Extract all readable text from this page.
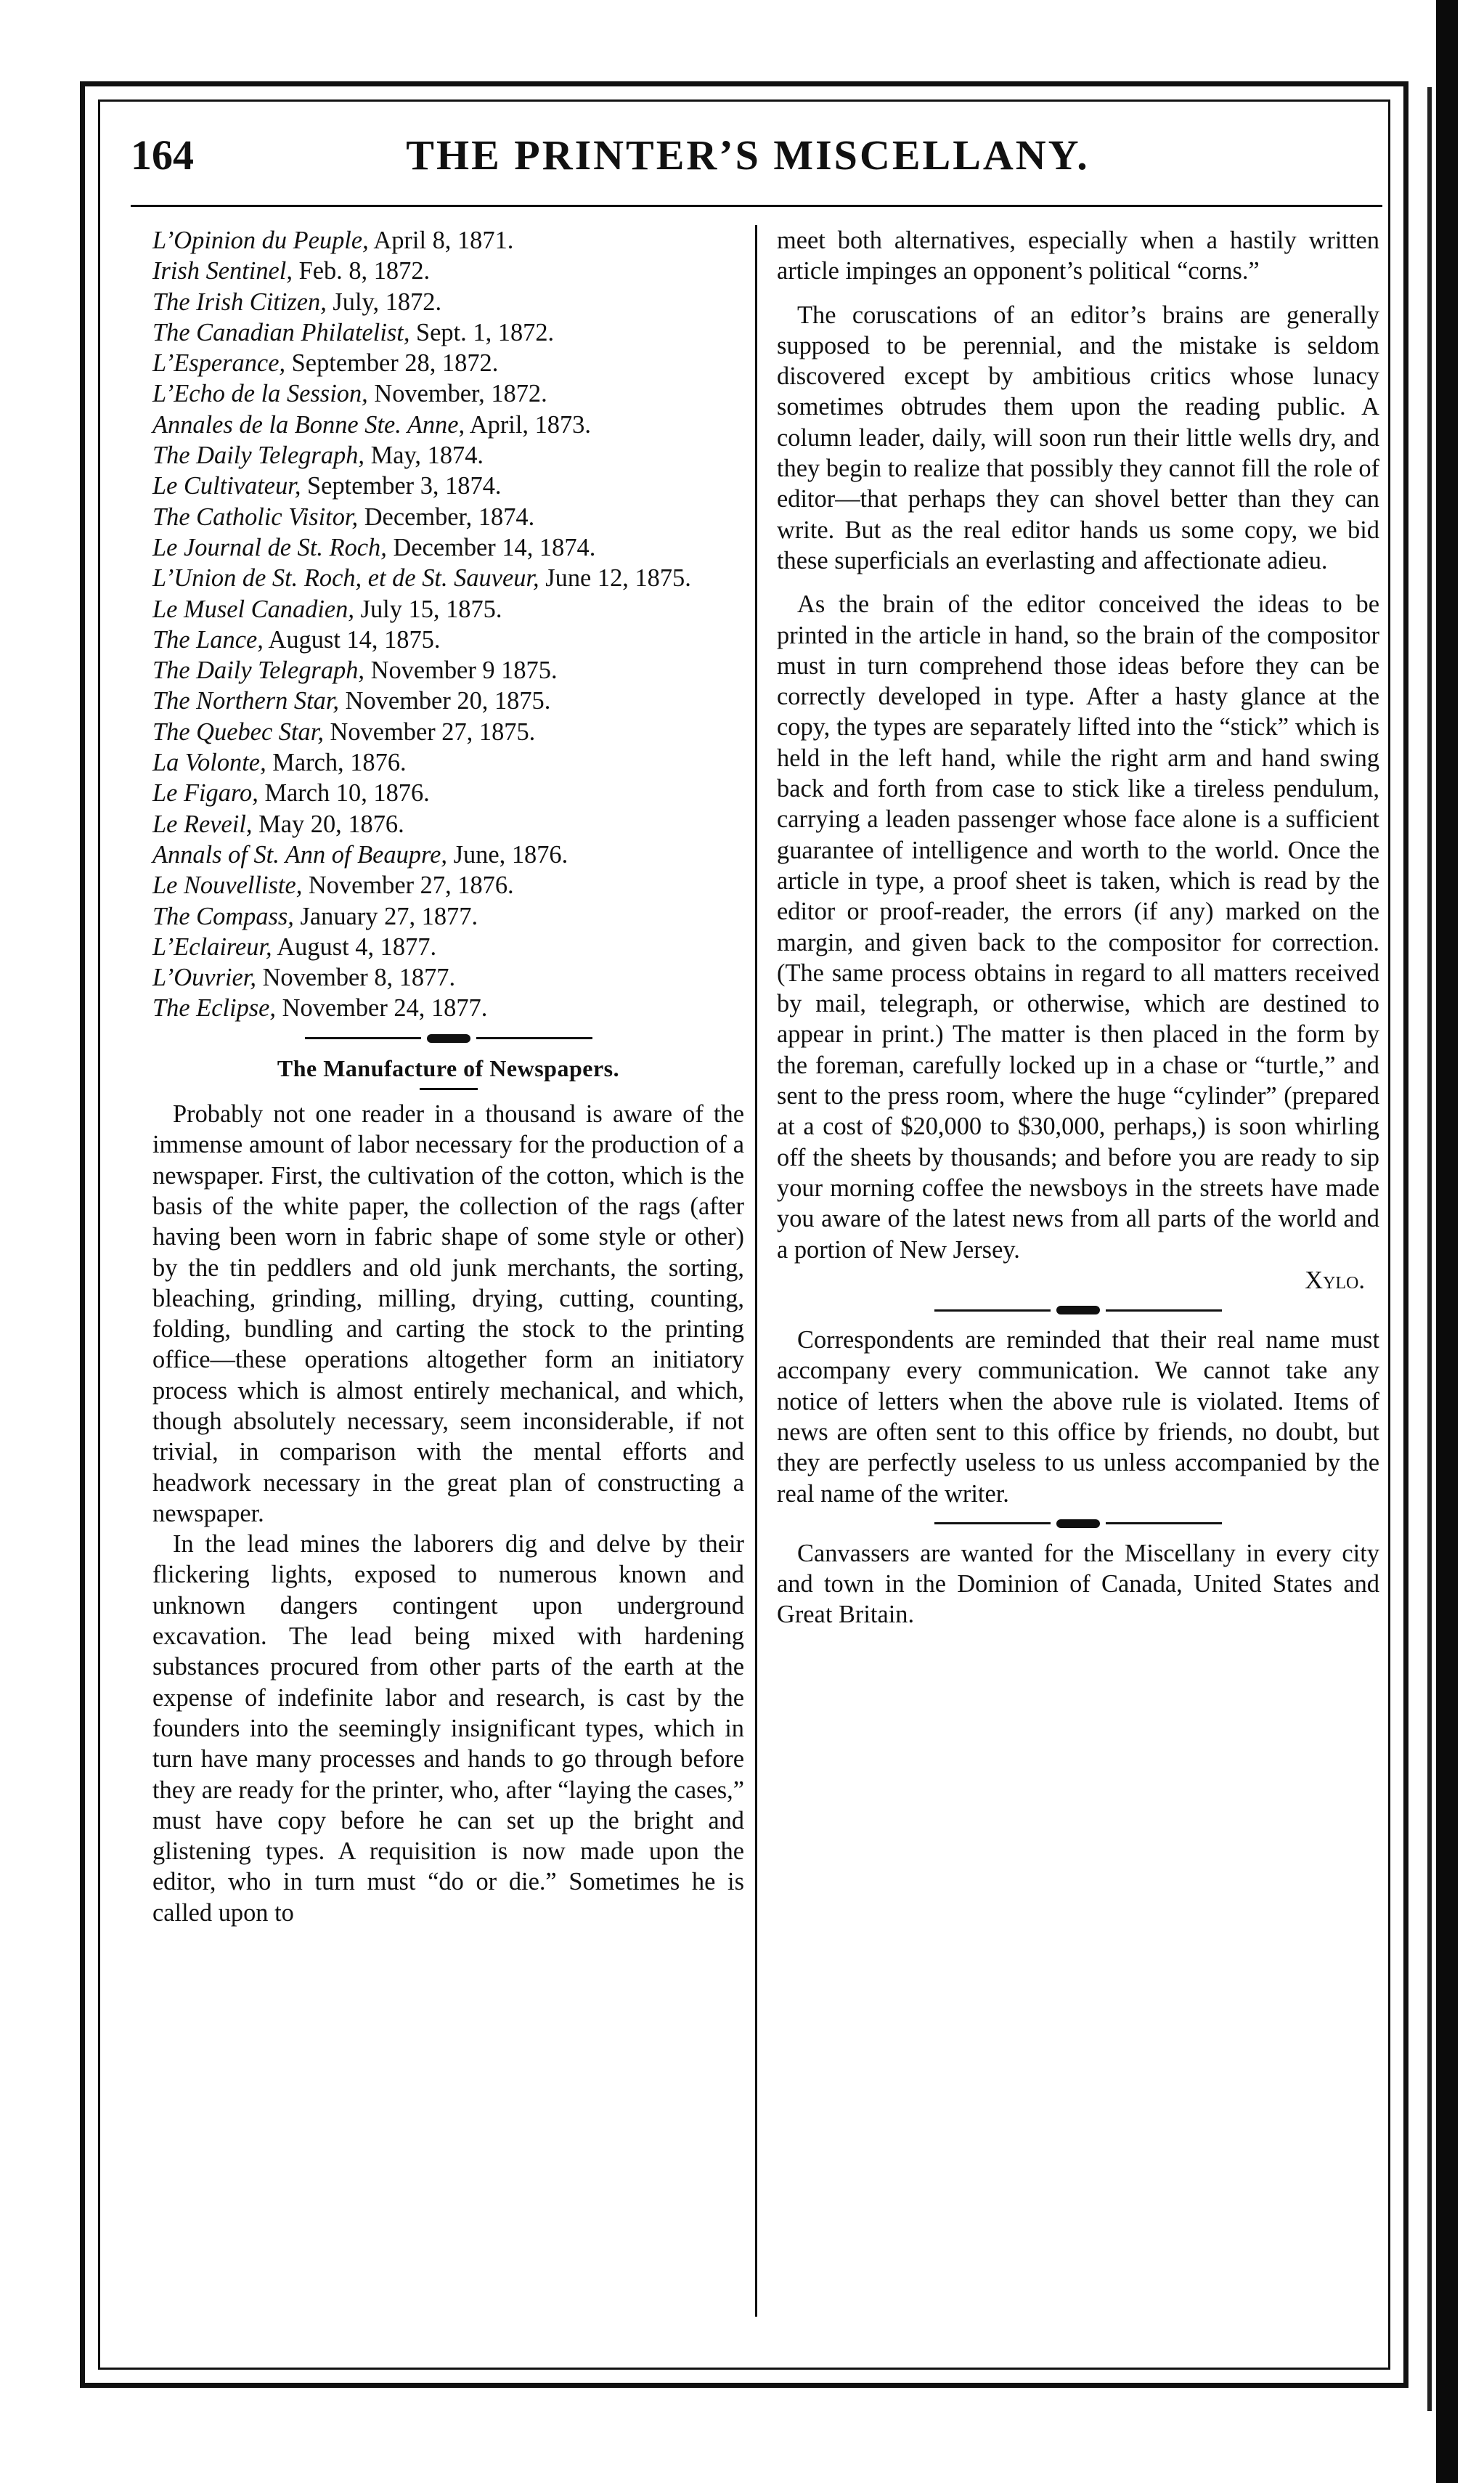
164	THE PRINTER’S MISCELLANY.

L’Opinion du Peuple, April 8, 1871.

Irish Sentinel, Feb. 8, 1872.

The Irish Citizen, July, 1872.

The Canadian Philatelist, Sept. 1, 1872.

L’Esperance, September 28, 1872.

L’Echo de la Session, November, 1872.

Annales de la Bonne Ste. Anne, April, 1873.

The Daily Telegraph, May, 1874.

Le Cultivateur, September 3, 1874.

The Catholic Visitor, December, 1874.

Le Journal de St. Roch, December 14, 1874.

L’Union de St. Roch, et de St. Sauveur, June 12, 1875.

Le Musel Canadien, July 15, 1875.

The Lance, August 14, 1875.

The Daily Telegraph, November 9 1875.

The Northern Star, November 20, 1875.

The Quebec Star, November 27, 1875.

La Volonte, March, 1876.

Le Figaro, March 10, 1876.

Le Reveil, May 20, 1876.

Annals of St. Ann of Beaupre, June, 1876.

Le Nouvelliste, November 27, 1876.

The Compass, January 27, 1877.

L’Eclaireur, August 4, 1877.

L’Ouvrier, November 8, 1877.

The Eclipse, November 24, 1877.

The Manufacture of Newspapers.

Probably not one reader in a thousand is aware of the immense amount of labor necessary for the production of a newspaper. First, the cultivation of the cotton, which is the basis of the white paper, the collection of the rags (after having been worn in fabric shape of some style or other) by the tin peddlers and old junk merchants, the sorting, bleaching, grinding, milling, drying, cutting, counting, folding, bundling and carting the stock to the printing office—these operations altogether form an initiatory process which is almost entirely mechanical, and which, though absolutely necessary, seem inconsiderable, if not trivial, in comparison with the mental efforts and headwork necessary in the great plan of constructing a newspaper.

In the lead mines the laborers dig and delve by their flickering lights, exposed to numerous known and unknown dangers contingent upon underground excavation. The lead being mixed with hardening substances procured from other parts of the earth at the expense of indefinite labor and research, is cast by the founders into the seemingly insignificant types, which in turn have many processes and hands to go through before they are ready for the printer, who, after “laying the cases,” must have copy before he can set up the bright and glistening types. A requisition is now made upon the editor, who in turn must “do or die.” Sometimes he is called upon to

meet both alternatives, especially when a hastily written article impinges an opponent’s political “corns.”

The coruscations of an editor’s brains are generally supposed to be perennial, and the mistake is seldom discovered except by ambitious critics whose lunacy sometimes obtrudes them upon the reading public. A column leader, daily, will soon run their little wells dry, and they begin to realize that possibly they cannot fill the role of editor—that perhaps they can shovel better than they can write. But as the real editor hands us some copy, we bid these superficials an everlasting and affectionate adieu.

As the brain of the editor conceived the ideas to be printed in the article in hand, so the brain of the compositor must in turn comprehend those ideas before they can be correctly developed in type. After a hasty glance at the copy, the types are separately lifted into the “stick” which is held in the left hand, while the right arm and hand swing back and forth from case to stick like a tireless pendulum, carrying a leaden passenger whose face alone is a sufficient guarantee of intelligence and worth to the world. Once the article in type, a proof sheet is taken, which is read by the editor or proof-reader, the errors (if any) marked on the margin, and given back to the compositor for correction. (The same process obtains in regard to all matters received by mail, telegraph, or otherwise, which are destined to appear in print.) The matter is then placed in the form by the foreman, carefully locked up in a chase or “turtle,” and sent to the press room, where the huge “cylinder” (prepared at a cost of $20,000 to $30,000, perhaps,) is soon whirling off the sheets by thousands; and before you are ready to sip your morning coffee the newsboys in the streets have made you aware of the latest news from all parts of the world and a portion of New Jersey.

Xylo.

Correspondents are reminded that their real name must accompany every communication. We cannot take any notice of letters when the above rule is violated. Items of news are often sent to this office by friends, no doubt, but they are perfectly useless to us unless accompanied by the real name of the writer.

Canvassers are wanted for the Miscellany in every city and town in the Dominion of Canada, United States and Great Britain.
